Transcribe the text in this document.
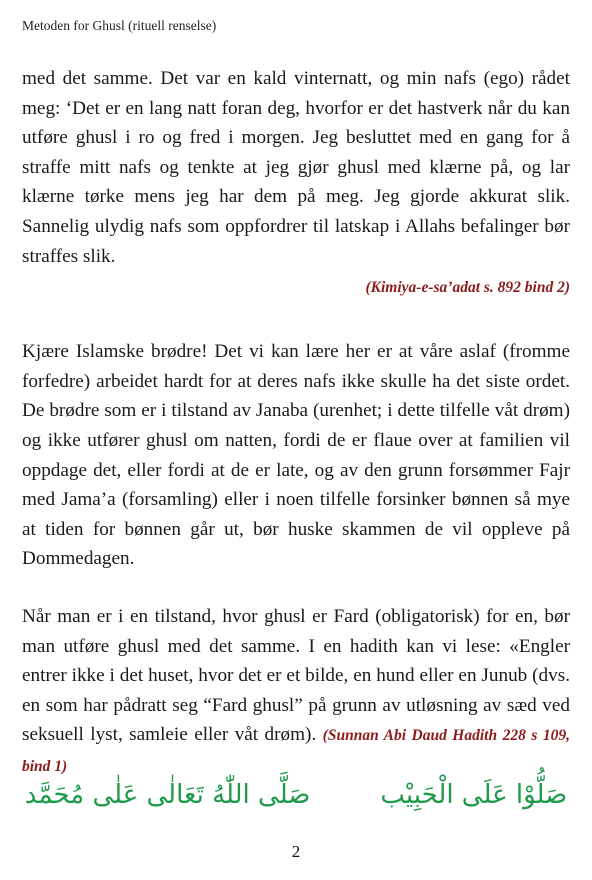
Metoden for Ghusl (rituell renselse)

med det samme. Det var en kald vinternatt, og min nafs (ego) rådet meg: ‘Det er en lang natt foran deg, hvorfor er det hastverk når du kan utføre ghusl i ro og fred i morgen. Jeg besluttet med en gang for å straffe mitt nafs og tenkte at jeg gjør ghusl med klærne på, og lar klærne tørke mens jeg har dem på meg. Jeg gjorde akkurat slik. Sannelig ulydig nafs som oppfordrer til latskap i Allahs befalinger bør straffes slik.

(Kimiya-e-sa’adat s. 892 bind 2)

Kjære Islamske brødre! Det vi kan lære her er at våre aslaf (fromme forfedre) arbeidet hardt for at deres nafs ikke skulle ha det siste ordet. De brødre som er i tilstand av Janaba (urenhet; i dette tilfelle våt drøm) og ikke utfører ghusl om natten, fordi de er flaue over at familien vil oppdage det, eller fordi at de er late, og av den grunn forsømmer Fajr med Jama’a (forsamling) eller i noen tilfelle forsinker bønnen så mye at tiden for bønnen går ut, bør huske skammen de vil oppleve på Dommedagen.

Når man er i en tilstand, hvor ghusl er Fard (obligatorisk) for en, bør man utføre ghusl med det samme. I en hadith kan vi lese: «Engler entrer ikke i det huset, hvor det er et bilde, en hund eller en Junub (dvs. en som har pådratt seg “Fard ghusl” på grunn av utløsning av sæd ved seksuell lyst, samleie eller våt drøm). (Sunnan Abi Daud Hadith 228 s 109, bind 1)

صَلُّوْا عَلَى الْحَبِيْب
صَلَّى اللّٰهُ تَعَالٰى عَلٰى مُحَمَّد
2
